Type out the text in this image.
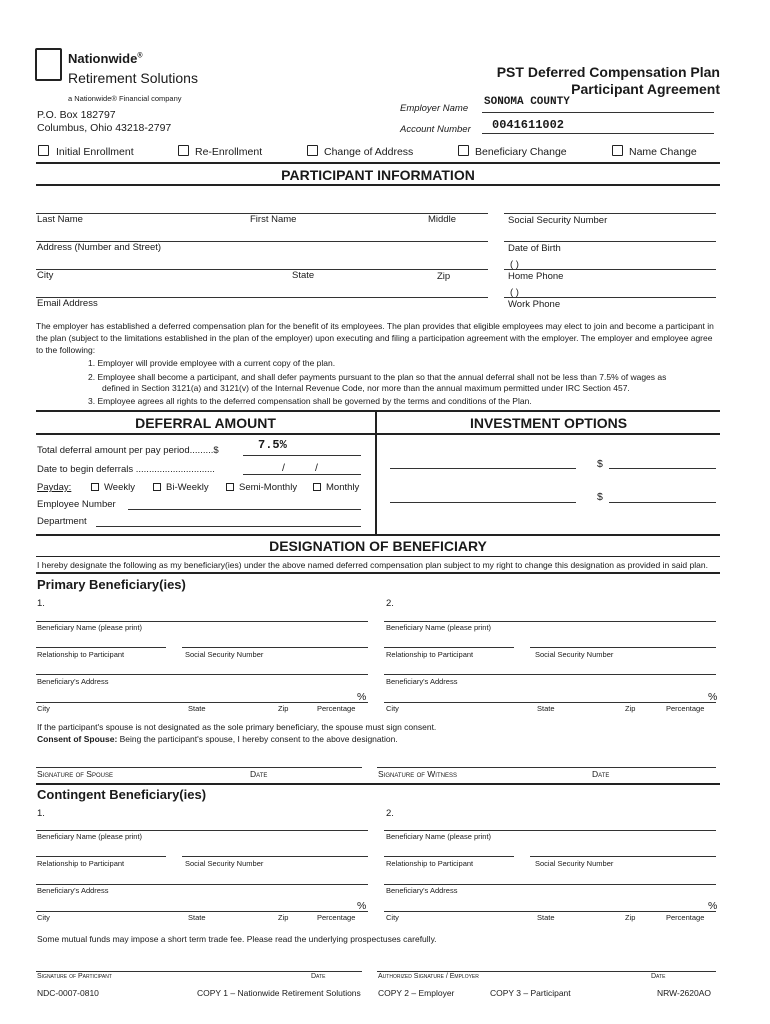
Nationwide®
Retirement Solutions
a Nationwide® Financial company
P.O. Box 182797
Columbus, Ohio 43218-2797
PST Deferred Compensation Plan
Participant Agreement
Employer Name
SONOMA COUNTY
Account Number 0041611002
Initial Enrollment	Re-Enrollment	Change of Address	Beneficiary Change	Name Change
PARTICIPANT INFORMATION
Last Name	First Name	Middle	Social Security Number
Address (Number and Street)	Date of Birth
( )
City	State	Zip	Home Phone
( )
Email Address	Work Phone
The employer has established a deferred compensation plan for the benefit of its employees. The plan provides that eligible employees may elect to join and become a participant in the plan (subject to the limitations established in the plan of the employer) upon executing and filing a participation agreement with the employer. The employer and employee agree to the following:
1. Employer will provide employee with a current copy of the plan.
2. Employee shall become a participant, and shall defer payments pursuant to the plan so that the annual deferral shall not be less than 7.5% of wages as
defined in Section 3121(a) and 3121(v) of the Internal Revenue Code, nor more than the annual maximum permitted under IRC Section 457.
3. Employee agrees all rights to the deferred compensation shall be governed by the terms and conditions of the Plan.
DEFERRAL AMOUNT	INVESTMENT OPTIONS
Total deferral amount per pay period.........$	7.5%
Date to begin deferrals ..............................	/	/
Payday:	Weekly	Bi-Weekly	Semi-Monthly	Monthly
Employee Number
Department
$
$
DESIGNATION OF BENEFICIARY
I hereby designate the following as my beneficiary(ies) under the above named deferred compensation plan subject to my right to change this designation as provided in said plan.
Primary Beneficiary(ies)
1.
Beneficiary Name (please print)
Relationship to Participant	Social Security Number
Beneficiary's Address
%
City	State	Zip	Percentage
2.
Beneficiary Name (please print)
Relationship to Participant	Social Security Number
Beneficiary's Address
%
City	State	Zip	Percentage
If the participant's spouse is not designated as the sole primary beneficiary, the spouse must sign consent.
Consent of Spouse: Being the participant's spouse, I hereby consent to the above designation.
Signature of Spouse	Date	Signature of Witness	Date
Contingent Beneficiary(ies)
1.
Beneficiary Name (please print)
Relationship to Participant	Social Security Number
Beneficiary's Address
%
City	State	Zip	Percentage
2.
Beneficiary Name (please print)
Relationship to Participant	Social Security Number
Beneficiary's Address
%
City	State	Zip	Percentage
Some mutual funds may impose a short term trade fee. Please read the underlying prospectuses carefully.
Signature of Participant	Date	Authorized Signature / Employer	Date
NDC-0007-0810	COPY 1 – Nationwide Retirement Solutions COPY 2 – Employer	COPY 3 – Participant	NRW-2620AO
